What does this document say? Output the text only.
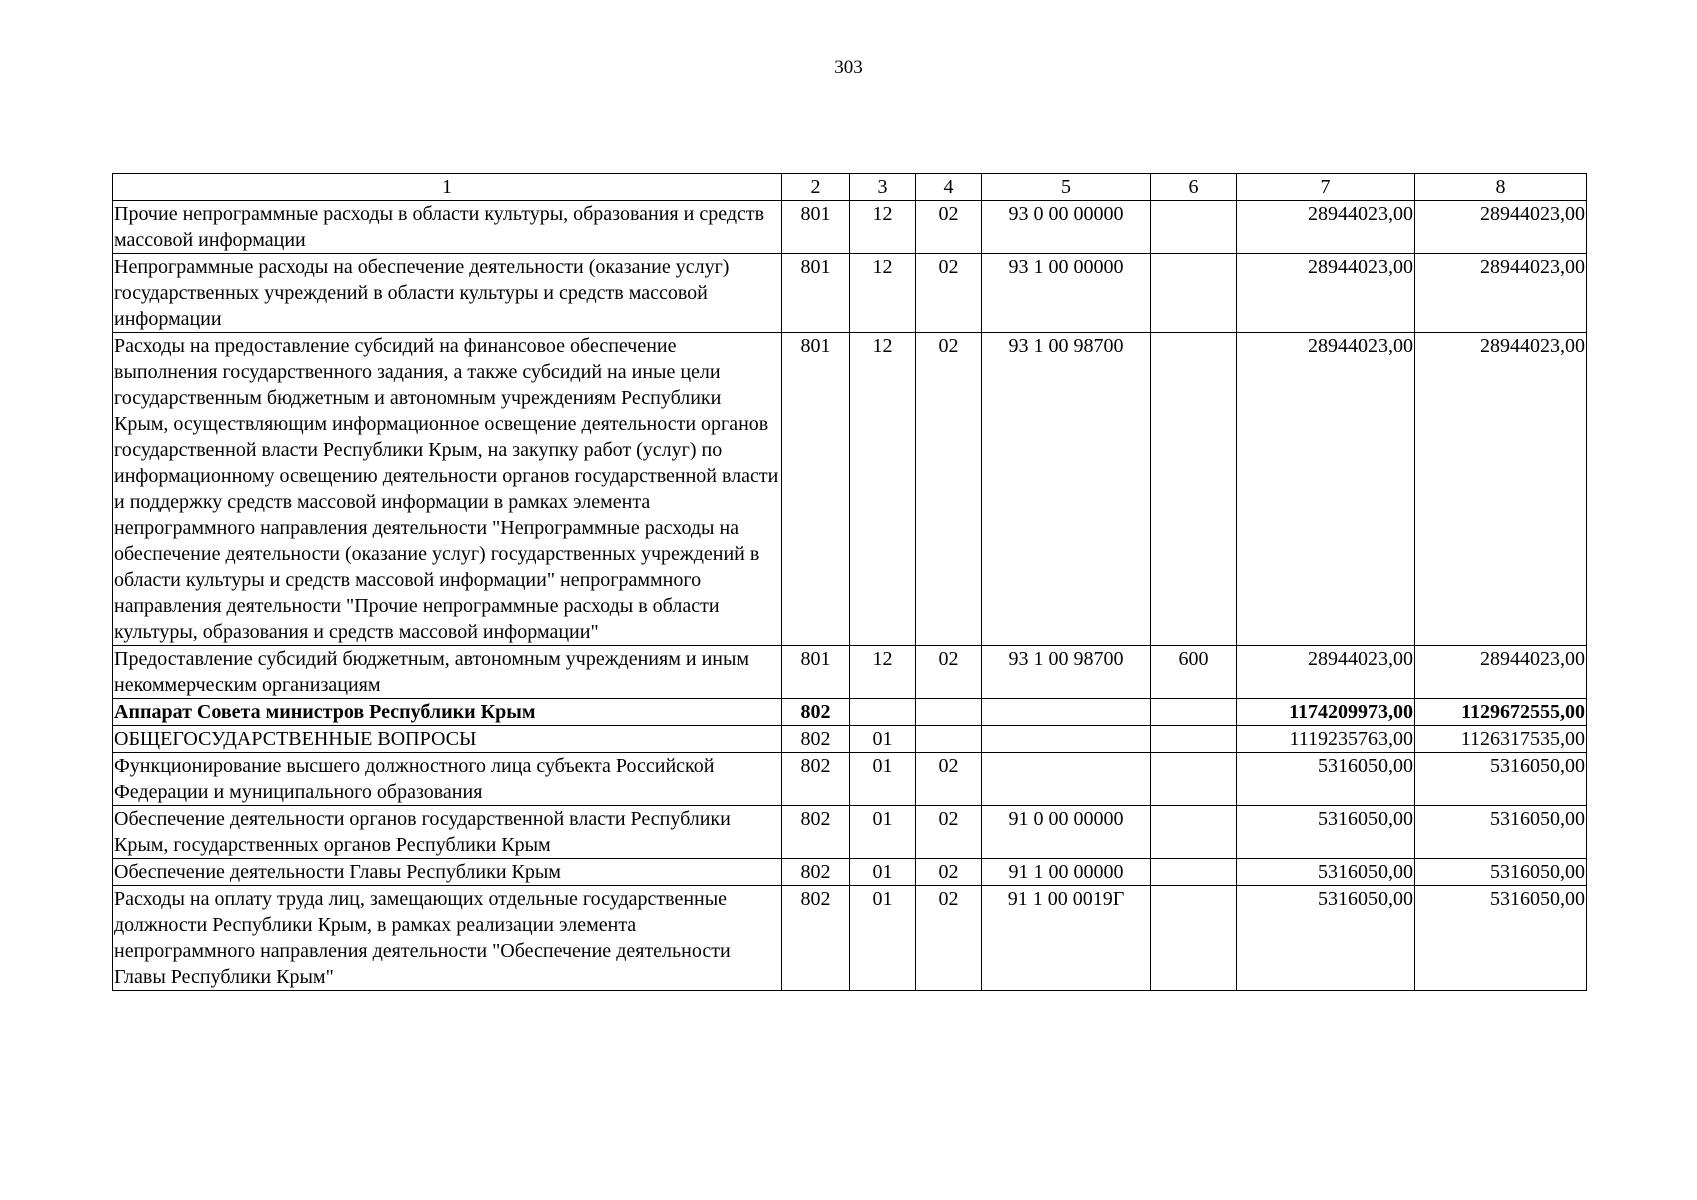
303
1	2	3	4	5	6	7	8
Прочие непрограммные расходы в области культуры, образования и средств массовой информации	801	12	02	93 0 00 00000		28944023,00	28944023,00
Непрограммные расходы на обеспечение деятельности (оказание услуг) государственных учреждений в области культуры и средств массовой информации	801	12	02	93 1 00 00000		28944023,00	28944023,00
Расходы на предоставление субсидий на финансовое обеспечение выполнения государственного задания, а также субсидий на иные цели государственным бюджетным и автономным учреждениям Республики Крым, осуществляющим информационное освещение деятельности органов государственной власти Республики Крым, на закупку работ (услуг) по информационному освещению деятельности органов государственной власти и поддержку средств массовой информации в рамках элемента непрограммного направления деятельности "Непрограммные расходы на обеспечение деятельности (оказание услуг) государственных учреждений в области культуры и средств массовой информации" непрограммного направления деятельности "Прочие непрограммные расходы в области культуры, образования и средств массовой информации"	801	12	02	93 1 00 98700		28944023,00	28944023,00
Предоставление субсидий бюджетным, автономным учреждениям и иным некоммерческим организациям	801	12	02	93 1 00 98700	600	28944023,00	28944023,00
Аппарат Совета министров Республики Крым	802					1174209973,00	1129672555,00
ОБЩЕГОСУДАРСТВЕННЫЕ ВОПРОСЫ	802	01				1119235763,00	1126317535,00
Функционирование высшего должностного лица субъекта Российской Федерации и муниципального образования	802	01	02			5316050,00	5316050,00
Обеспечение деятельности органов государственной власти Республики Крым, государственных органов Республики Крым	802	01	02	91 0 00 00000		5316050,00	5316050,00
Обеспечение деятельности Главы Республики Крым	802	01	02	91 1 00 00000		5316050,00	5316050,00
Расходы на оплату труда лиц, замещающих отдельные государственные должности Республики Крым, в рамках реализации элемента непрограммного направления деятельности "Обеспечение деятельности Главы Республики Крым"	802	01	02	91 1 00 0019Г		5316050,00	5316050,00
